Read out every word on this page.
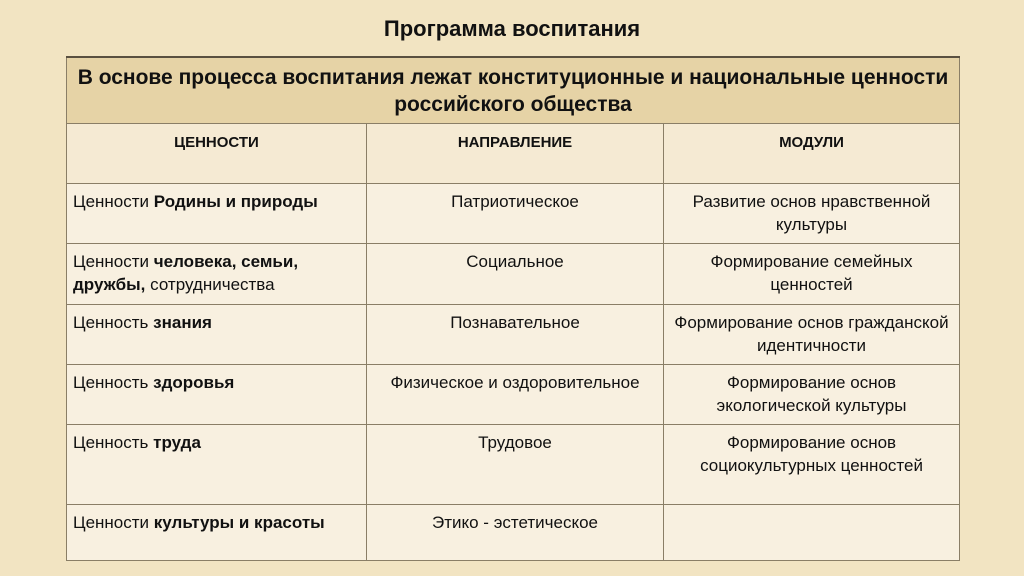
Программа воспитания
В основе процесса воспитания лежат конституционные и национальные ценности российского общества		
ЦЕННОСТИ	НАПРАВЛЕНИЕ	МОДУЛИ
Ценности Родины и природы	Патриотическое	Развитие основ нравственной культуры
Ценности человека, семьи, дружбы, сотрудничества	Социальное	Формирование семейных ценностей
Ценность знания	Познавательное	Формирование основ гражданской идентичности
Ценность здоровья	Физическое и оздоровительное	Формирование основ экологической культуры
Ценность труда	Трудовое	Формирование основ социокультурных ценностей
Ценности культуры и красоты	Этико - эстетическое	
